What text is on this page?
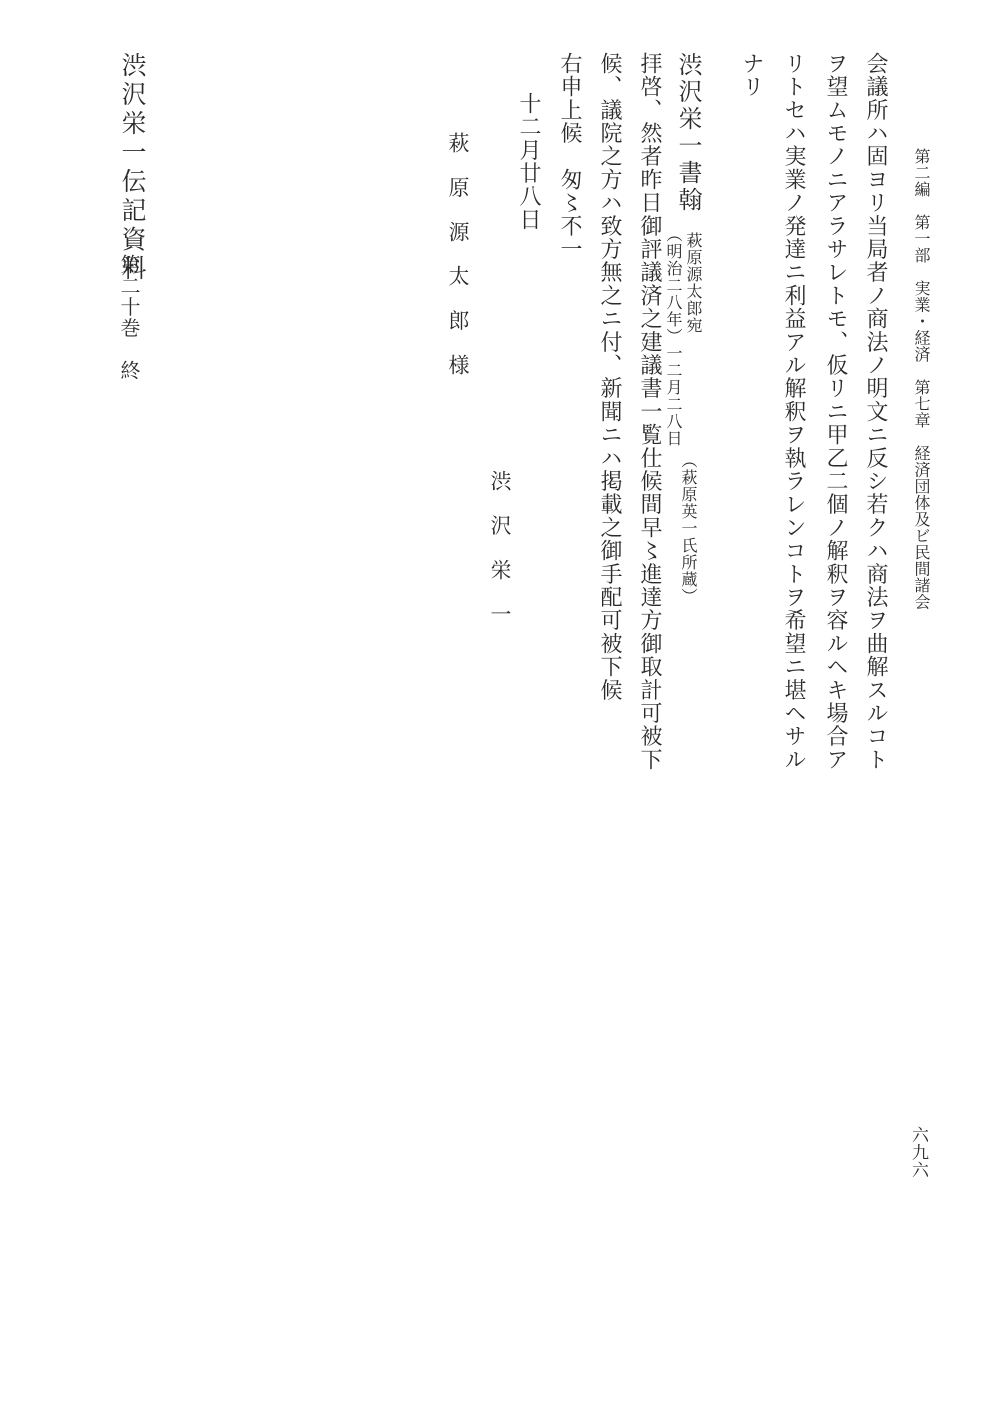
第二編　第一部　実業・経済　第七章　経済団体及ビ民間諸会
会議所ハ固ヨリ当局者ノ商法ノ明文ニ反シ若クハ商法ヲ曲解スルコト
ヲ望ムモノニアラサレトモ、仮リニ甲乙二個ノ解釈ヲ容ルヘキ場合ア
リトセハ実業ノ発達ニ利益アル解釈ヲ執ラレンコトヲ希望ニ堪ヘサル
ナリ
渋沢栄一書翰
萩原源太郎宛
（明治二八年）一二月二八日
（萩原英一氏所蔵）
拝啓、然者昨日御評議済之建議書一覧仕候間早〻進達方御取計可被下
候、議院之方ハ致方無之ニ付、新聞ニハ掲載之御手配可被下候
右申上候　匆〻不一
渋　沢　栄　一
十二月廿八日
萩　原　源　太　郎　様
渋沢栄一伝記資料
第二十巻　終
六九六
